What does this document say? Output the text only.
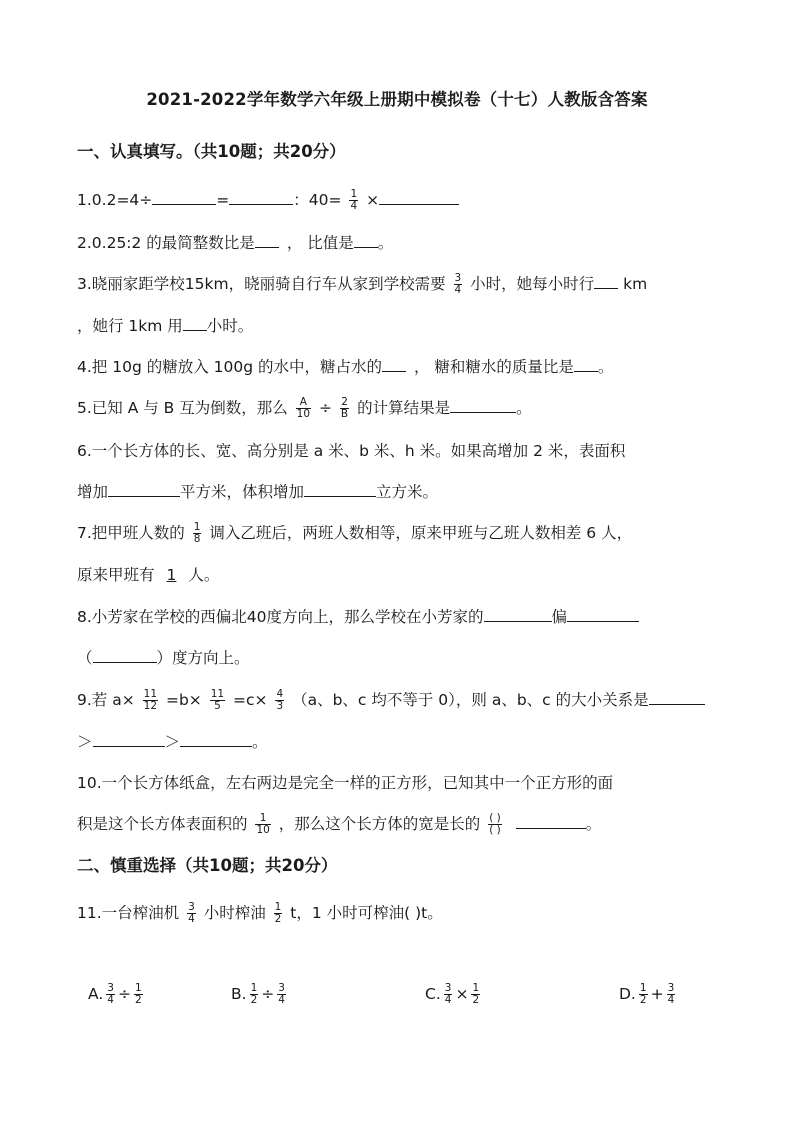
2021-2022学年数学六年级上册期中模拟卷（十七）人教版含答案
一、认真填写。（共10题；共20分）
1.0.2=4÷	=	：$40= \frac{1}{4}$ ×
2.0.25:2 的最简整数比是 ， 比值是 。
3.晓丽家距学校15km，晓丽骑自行车从家到学校需要 $\frac{3}{4}$ 小时，她每小时行 km
，她行 1km 用 小时。
4.把 10g 的糖放入 100g 的水中，糖占水的 ， 糖和糖水的质量比是 。
5.已知 A 与 B 互为倒数，那么 $\frac{A}{10} \div \frac{2}{B}$ 的计算结果是	。
6.一个长方体的长、宽、高分别是 a 米、b 米、h 米。如果高增加 2 米，表面积
增加	平方米，体积增加	立方米。
7.把甲班人数的 $\frac{1}{8}$ 调入乙班后，两班人数相等，原来甲班与乙班人数相差 6 人，
原来甲班有 1 人。
8.小芳家在学校的西偏北40度方向上，那么学校在小芳家的	偏
（	）度方向上。
9.若 $a\times \frac{11}{12} =b\times \frac{11}{5} =c\times \frac{4}{3} (a$、b、c 均不等于 0），则 a、b、c 的大小关系是
＞	＞	。
10.一个长方体纸盒，左右两边是完全一样的正方形，已知其中一个正方形的面
积是这个长方体表面积的 $\frac{1}{10}$ ，那么这个长方体的宽是长的 $\frac{( )}{( )}$	。
二、慎重选择（共10题；共20分）
11.一台榨油机 $\frac{3}{4}$ 小时榨油 $\frac{1}{2}$ t，1 小时可榨油( )t。
A. $\frac{3}{4} \div \frac{1}{2}$	B. $\frac{1}{2} \div \frac{3}{4}$	C. $\frac{3}{4} \times \frac{1}{2}$	D. $\frac{1}{2} + \frac{3}{4}$
